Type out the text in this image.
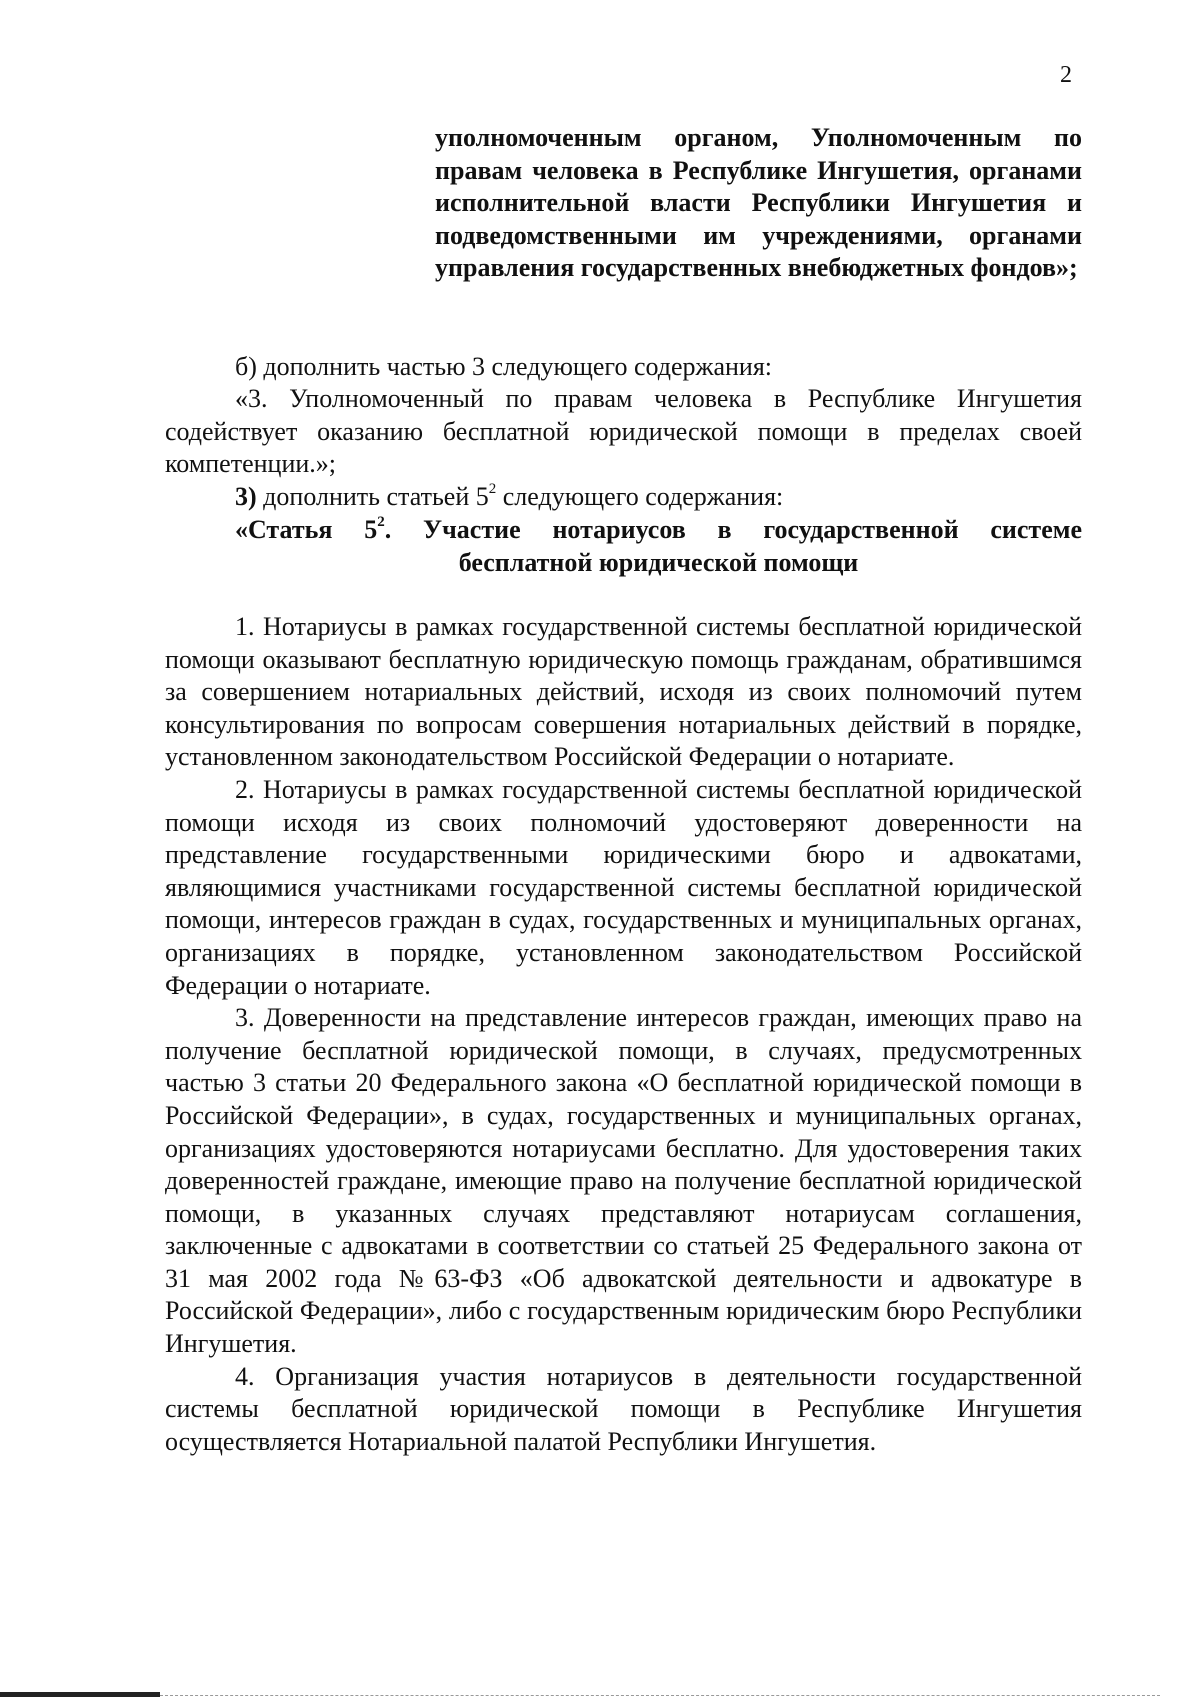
2

уполномоченным органом, Уполномоченным по правам человека в Республике Ингушетия, органами исполнительной власти Республики Ингушетия и подведомственными им учреждениями, органами управления государственных внебюджетных фондов»;

б) дополнить частью 3 следующего содержания:

«3. Уполномоченный по правам человека в Республике Ингушетия содействует оказанию бесплатной юридической помощи в пределах своей компетенции.»;

3) дополнить статьей $5^2$ следующего содержания:

«Статья $5^2$. Участие нотариусов в государственной системе
бесплатной юридической помощи

1. Нотариусы в рамках государственной системы бесплатной юридической помощи оказывают бесплатную юридическую помощь гражданам, обратившимся за совершением нотариальных действий, исходя из своих полномочий путем консультирования по вопросам совершения нотариальных действий в порядке, установленном законодательством Российской Федерации о нотариате.

2. Нотариусы в рамках государственной системы бесплатной юридической помощи исходя из своих полномочий удостоверяют доверенности на представление государственными юридическими бюро и адвокатами, являющимися участниками государственной системы бесплатной юридической помощи, интересов граждан в судах, государственных и муниципальных органах, организациях в порядке, установленном законодательством Российской Федерации о нотариате.

3. Доверенности на представление интересов граждан, имеющих право на получение бесплатной юридической помощи, в случаях, предусмотренных частью 3 статьи 20 Федерального закона «О бесплатной юридической помощи в Российской Федерации», в судах, государственных и муниципальных органах, организациях удостоверяются нотариусами бесплатно. Для удостоверения таких доверенностей граждане, имеющие право на получение бесплатной юридической помощи, в указанных случаях представляют нотариусам соглашения, заключенные с адвокатами в соответствии со статьей 25 Федерального закона от 31 мая 2002 года №63-ФЗ «Об адвокатской деятельности и адвокатуре в Российской Федерации», либо с государственным юридическим бюро Республики Ингушетия.

4. Организация участия нотариусов в деятельности государственной системы бесплатной юридической помощи в Республике Ингушетия осуществляется Нотариальной палатой Республики Ингушетия.
